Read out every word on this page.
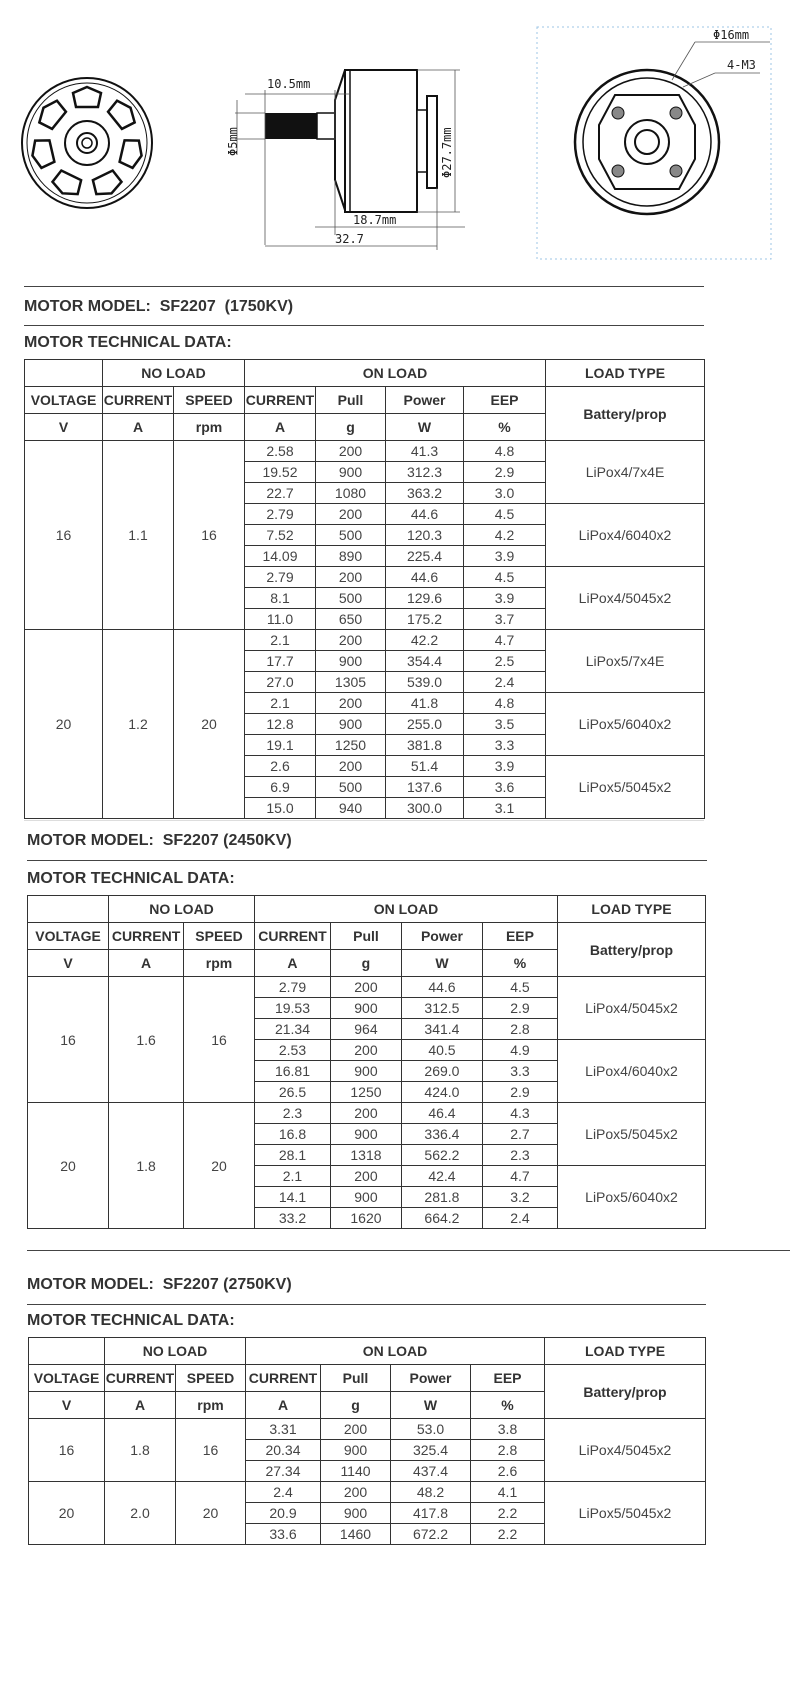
10.5mm
Φ5mm	Φ27.7mm
18.7mm
32.7
Φ16mm
4-M3
MOTOR MODEL:  SF2207  (1750KV)
MOTOR TECHNICAL DATA:
	NO LOAD		ON LOAD				LOAD TYPE
VOLTAGE	CURRENT	SPEED	CURRENT	Pull	Power	EEP	Battery/prop
V	A	rpm	A	g	W	%	
16	1.1	16	2.58	200	41.3	4.8	LiPox4/7x4E
			19.52	900	312.3	2.9	
			22.7	1080	363.2	3.0	
			2.79	200	44.6	4.5	LiPox4/6040x2
			7.52	500	120.3	4.2	
			14.09	890	225.4	3.9	
			2.79	200	44.6	4.5	LiPox4/5045x2
			8.1	500	129.6	3.9	
			11.0	650	175.2	3.7	
20	1.2	20	2.1	200	42.2	4.7	LiPox5/7x4E
			17.7	900	354.4	2.5	
			27.0	1305	539.0	2.4	
			2.1	200	41.8	4.8	LiPox5/6040x2
			12.8	900	255.0	3.5	
			19.1	1250	381.8	3.3	
			2.6	200	51.4	3.9	LiPox5/5045x2
			6.9	500	137.6	3.6	
			15.0	940	300.0	3.1	
MOTOR MODEL:  SF2207 (2450KV)
MOTOR TECHNICAL DATA:
	NO LOAD		ON LOAD				LOAD TYPE
VOLTAGE	CURRENT	SPEED	CURRENT	Pull	Power	EEP	Battery/prop
V	A	rpm	A	g	W	%	
16	1.6	16	2.79	200	44.6	4.5	LiPox4/5045x2
			19.53	900	312.5	2.9	
			21.34	964	341.4	2.8	
			2.53	200	40.5	4.9	LiPox4/6040x2
			16.81	900	269.0	3.3	
			26.5	1250	424.0	2.9	
20	1.8	20	2.3	200	46.4	4.3	LiPox5/5045x2
			16.8	900	336.4	2.7	
			28.1	1318	562.2	2.3	
			2.1	200	42.4	4.7	LiPox5/6040x2
			14.1	900	281.8	3.2	
			33.2	1620	664.2	2.4	
MOTOR MODEL:  SF2207 (2750KV)
MOTOR TECHNICAL DATA:
	NO LOAD		ON LOAD				LOAD TYPE
VOLTAGE	CURRENT	SPEED	CURRENT	Pull	Power	EEP	Battery/prop
V	A	rpm	A	g	W	%	
16	1.8	16	3.31	200	53.0	3.8	LiPox4/5045x2
			20.34	900	325.4	2.8	
			27.34	1140	437.4	2.6	
20	2.0	20	2.4	200	48.2	4.1	LiPox5/5045x2
			20.9	900	417.8	2.2	
			33.6	1460	672.2	2.2	
